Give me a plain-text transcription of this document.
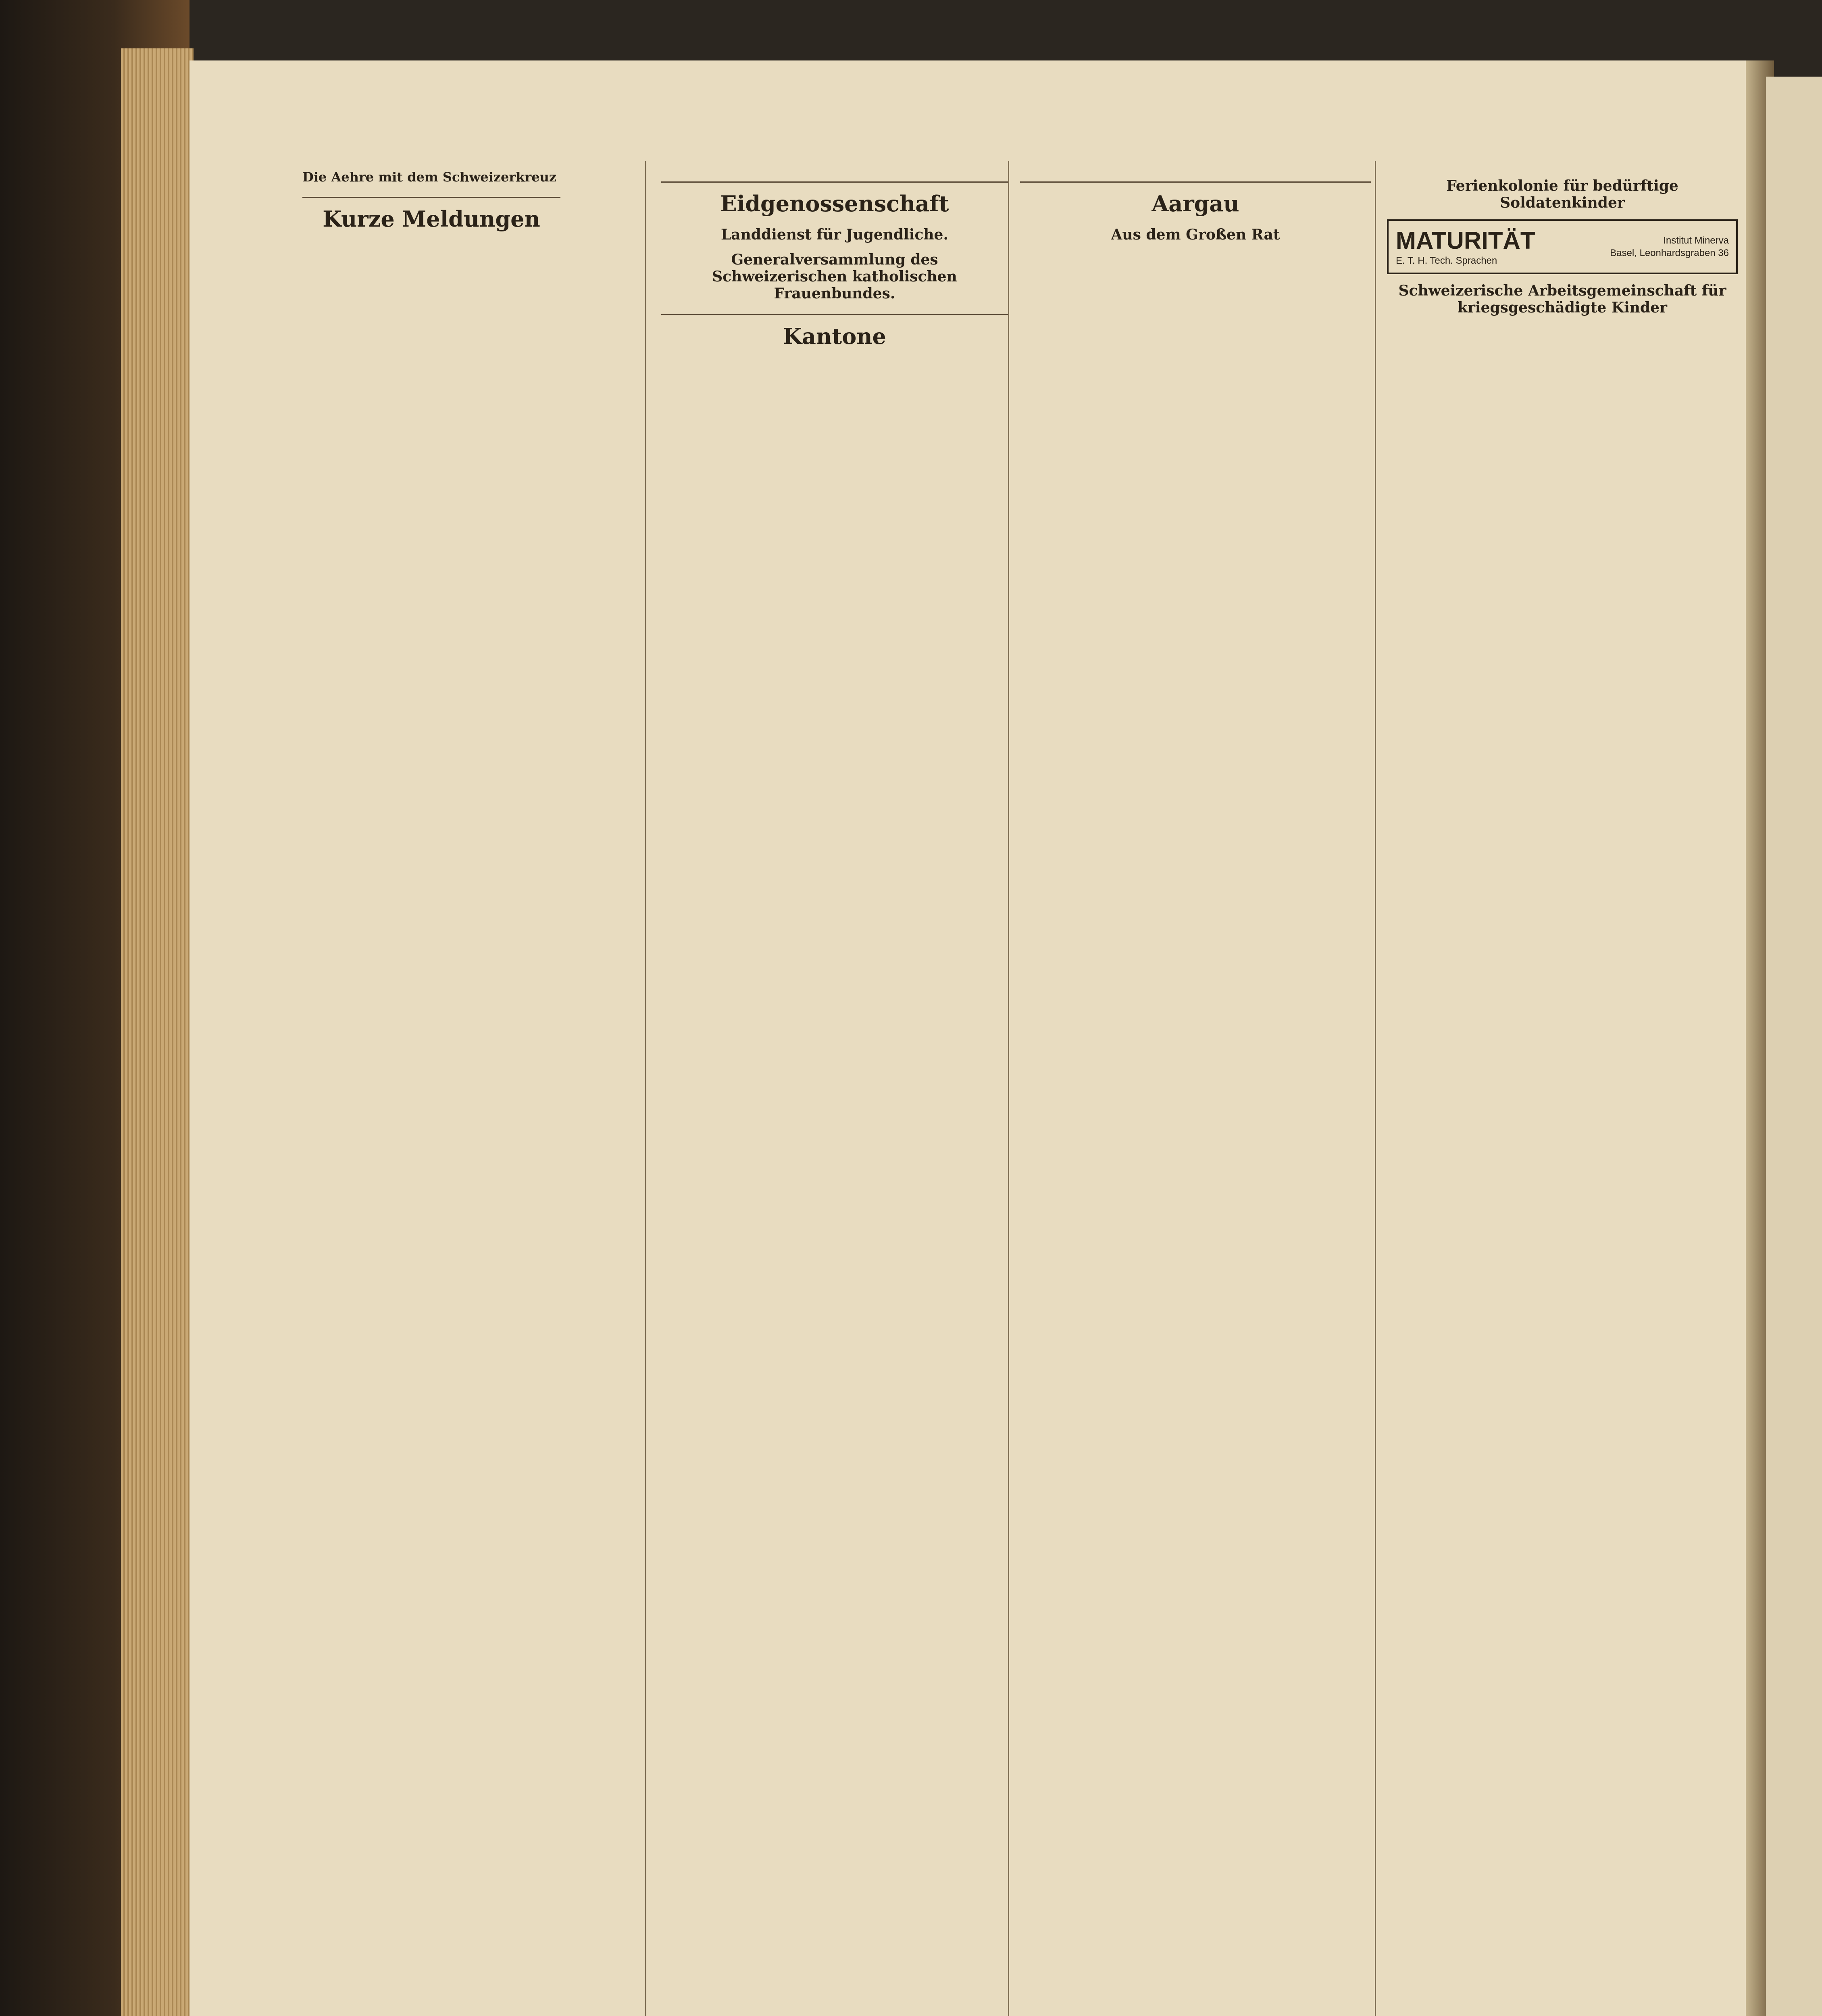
Die Aehre mit dem Schweizerkreuz
Kurze Meldungen
Eidgenossenschaft
Landdienst für Jugendliche.
Generalversammlung des Schweizerischen katholischen Frauenbundes.
Kantone
Aargau
Aus dem Großen Rat
Ferienkolonie für bedürftige Soldatenkinder
MATURITÄT
E. T. H. Tech. Sprachen
Institut Minerva
Basel, Leonhardsgraben 36
Schweizerische Arbeitsgemeinschaft für kriegsgeschädigte Kinder
